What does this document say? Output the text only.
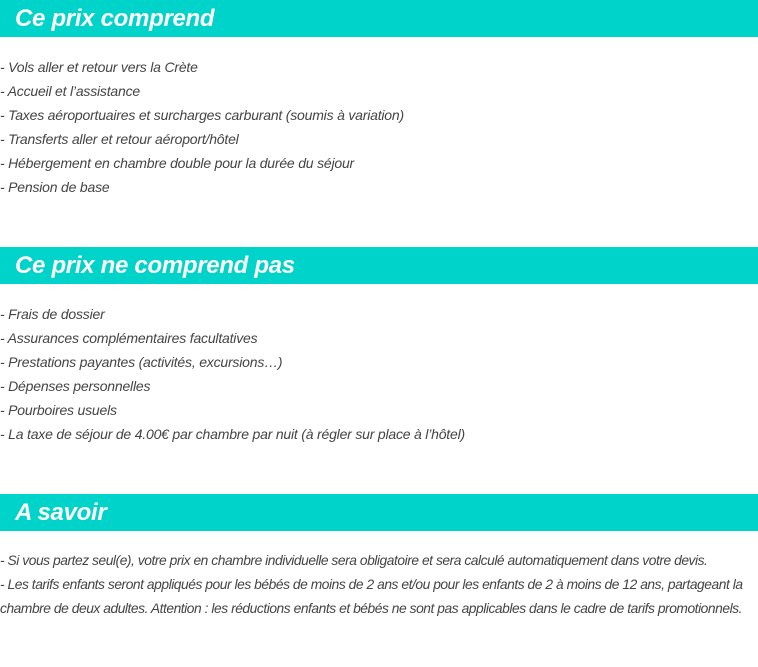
Ce prix comprend
- Vols aller et retour vers la Crète
- Accueil et l’assistance
- Taxes aéroportuaires et surcharges carburant (soumis à variation)
- Transferts aller et retour aéroport/hôtel
- Hébergement en chambre double pour la durée du séjour
- Pension de base
Ce prix ne comprend pas
- Frais de dossier
- Assurances complémentaires facultatives
- Prestations payantes (activités, excursions…)
- Dépenses personnelles
- Pourboires usuels
- La taxe de séjour de 4.00€ par chambre par nuit (à régler sur place à l’hôtel)
A savoir

- Si vous partez seul(e), votre prix en chambre individuelle sera obligatoire et sera calculé automatiquement dans votre devis.

- Les tarifs enfants seront appliqués pour les bébés de moins de 2 ans et/ou pour les enfants de 2 à moins de 12 ans, partageant la chambre de deux adultes. Attention : les réductions enfants et bébés ne sont pas applicables dans le cadre de tarifs promotionnels.
